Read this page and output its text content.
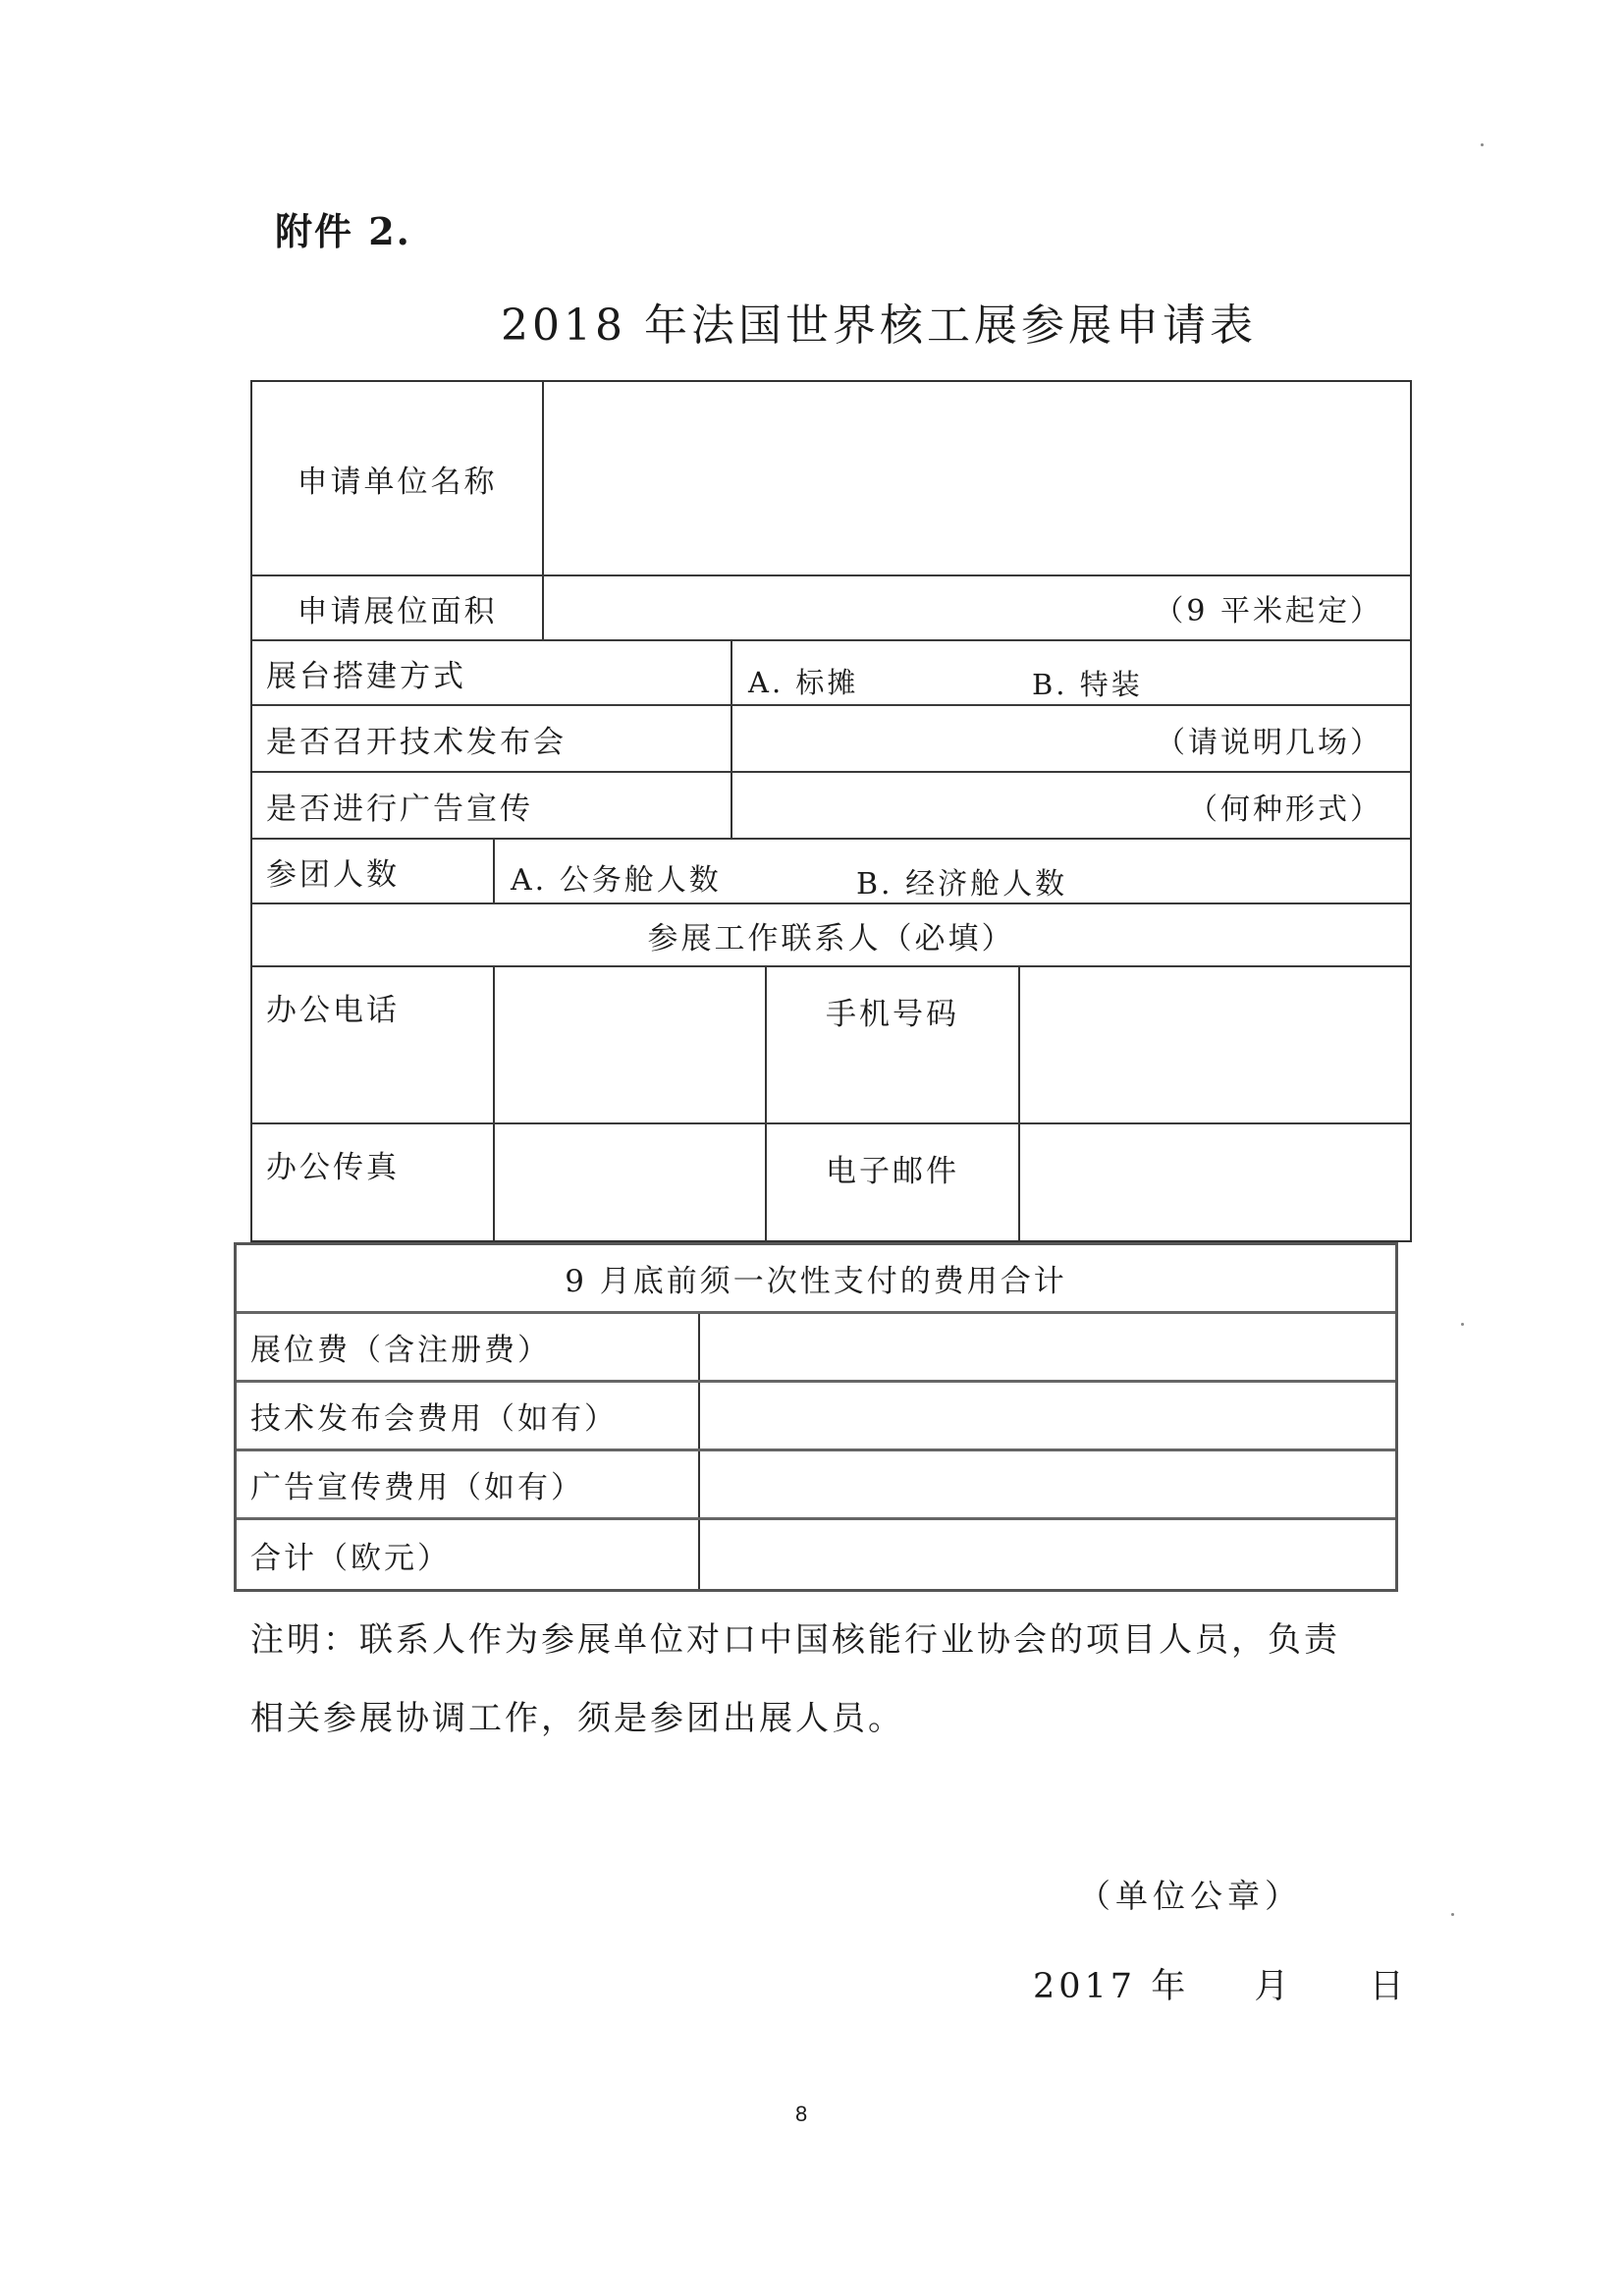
附件 2.
2018 年法国世界核工展参展申请表
申请单位名称
申请展位面积	（9 平米起定）
展台搭建方式	A. 标摊	B. 特装
是否召开技术发布会	（请说明几场）
是否进行广告宣传	（何种形式）
参团人数	A. 公务舱人数	B. 经济舱人数
参展工作联系人（必填）
办公电话	手机号码
办公传真	电子邮件
9 月底前须一次性支付的费用合计
展位费（含注册费）
技术发布会费用（如有）
广告宣传费用（如有）
合计（欧元）
注明：联系人作为参展单位对口中国核能行业协会的项目人员，负责
相关参展协调工作，须是参团出展人员。
（单位公章）
2017 年 月 日
8
